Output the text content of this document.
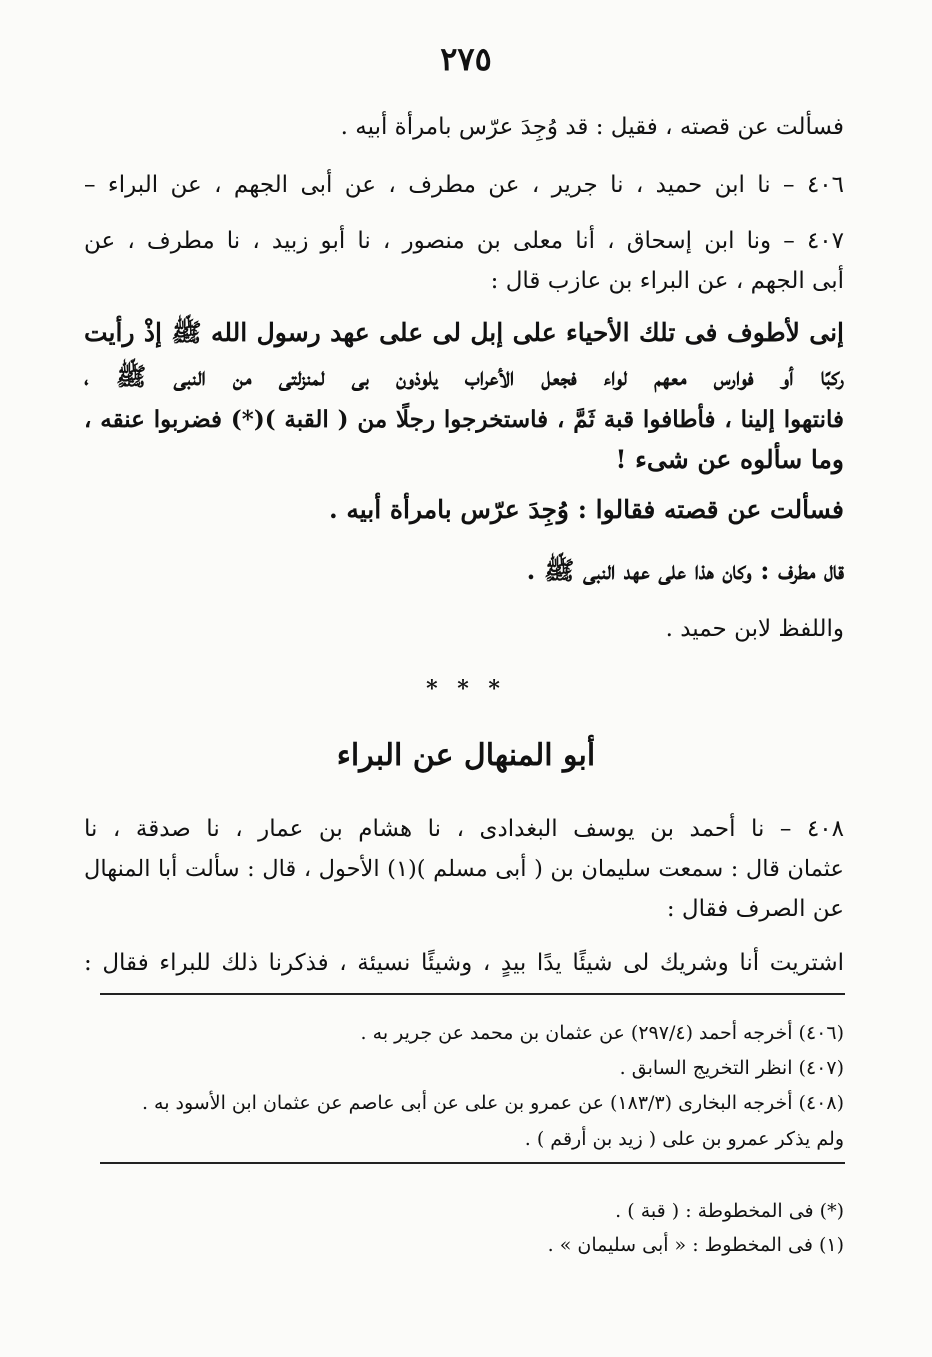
٢٧٥
فسألت عن قصته ، فقيل : قد وُجِدَ عرّس بامرأة أبيه .
٤٠٦ – نا ابن حميد ، نا جرير ، عن مطرف ، عن أبى الجهم ، عن البراء –
٤٠٧ – ونا ابن إسحاق ، أنا معلى بن منصور ، نا أبو زبيد ، نا مطرف ، عن
أبى الجهم ، عن البراء بن عازب قال :
إنى لأطوف فى تلك الأحياء على إبل لى على عهد رسول الله ﷺ إذْ رأيت
ركبًا أو فوارس معهم لواء فجعل الأعراب يلوذون بى لمنزلتى من النبى ﷺ ،
فانتهوا إلينا ، فأطافوا قبة ثَمَّ ، فاستخرجوا رجلًا من ( القبة )(*) فضربوا عنقه ،
وما سألوه عن شىء !
فسألت عن قصته فقالوا : وُجِدَ عرّس بامرأة أبيه .
قال مطرف : وكان هذا على عهد النبى ﷺ .
واللفظ لابن حميد .
* * *
أبو المنهال عن البراء
٤٠٨ – نا أحمد بن يوسف البغدادى ، نا هشام بن عمار ، نا صدقة ، نا
عثمان قال : سمعت سليمان بن ( أبى مسلم )(١) الأحول ، قال : سألت أبا المنهال
عن الصرف فقال :
اشتريت أنا وشريك لى شيئًا يدًا بيدٍ ، وشيئًا نسيئة ، فذكرنا ذلك للبراء فقال :
(٤٠٦) أخرجه أحمد (٢٩٧/٤) عن عثمان بن محمد عن جرير به .
(٤٠٧) انظر التخريج السابق .
(٤٠٨) أخرجه البخارى (١٨٣/٣) عن عمرو بن على عن أبى عاصم عن عثمان ابن الأسود به .
ولم يذكر عمرو بن على ( زيد بن أرقم ) .
(*) فى المخطوطة : ( قبة ) .
(١) فى المخطوط : « أبى سليمان » .
